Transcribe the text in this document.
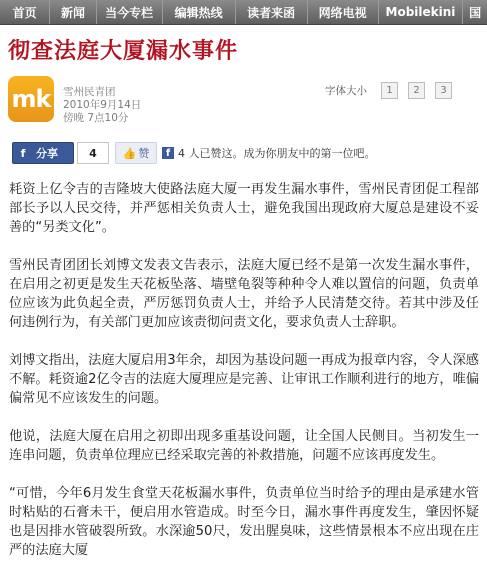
首页	新闻	当今专栏	编辑热线	读者来函	网络电视	Mobilekini	国
彻查法庭大厦漏水事件
mk 雪州民青团
2010年9月14日
傍晚 7点10分
字体大小	1	2	3
f 分享	4	👍 赞	f 4 人已赞这。成为你朋友中的第一位吧。

耗资上亿令吉的吉隆坡大使路法庭大厦一再发生漏水事件，雪州民青团促工程部部长予以人民交待，并严惩相关负责人士，避免我国出现政府大厦总是建设不妥善的“另类文化”。

雪州民青团团长刘博文发表文告表示，法庭大厦已经不是第一次发生漏水事件，在启用之初更是发生天花板坠落、墙壁龟裂等种种令人难以置信的问题，负责单位应该为此负起全责，严厉惩罚负责人士，并给予人民清楚交待。若其中涉及任何违例行为，有关部门更加应该责彻问责文化，要求负责人士辞职。

刘博文指出，法庭大厦启用3年余，却因为基设问题一再成为报章内容，令人深感不解。耗资逾2亿令吉的法庭大厦理应是完善、让审讯工作顺利进行的地方，唯偏偏常见不应该发生的问题。

他说，法庭大厦在启用之初即出现多重基设问题，让全国人民侧目。当初发生一连串问题，负责单位理应已经采取完善的补救措施，问题不应该再度发生。

“可惜，今年6月发生食堂天花板漏水事件，负责单位当时给予的理由是承建水管时粘贴的石膏未干，便启用水管造成。时至今日，漏水事件再度发生，肇因怀疑也是因排水管破裂所致。水深逾50尺，发出腥臭味，这些情景根本不应出现在庄严的法庭大厦
